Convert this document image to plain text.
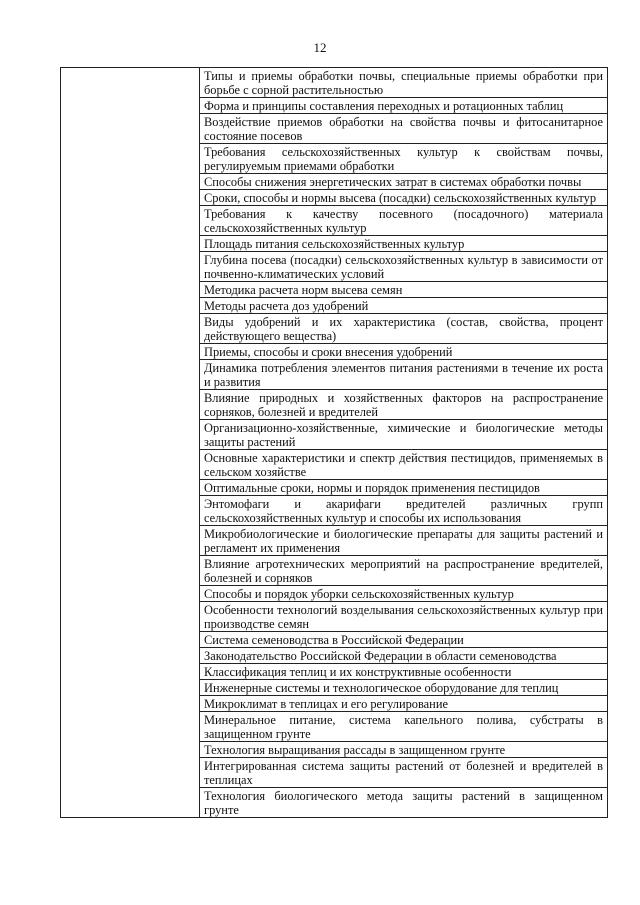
12

Типы и приемы обработки почвы, специальные приемы обработки при борьбе с сорной растительностью
Форма и принципы составления переходных и ротационных таблиц
Воздействие приемов обработки на свойства почвы и фитосанитарное состояние посевов
Требования сельскохозяйственных культур к свойствам почвы, регулируемым приемами обработки
Способы снижения энергетических затрат в системах обработки почвы
Сроки, способы и нормы высева (посадки) сельскохозяйственных культур
Требования к качеству посевного (посадочного) материала сельскохозяйственных культур
Площадь питания сельскохозяйственных культур
Глубина посева (посадки) сельскохозяйственных культур в зависимости от почвенно-климатических условий
Методика расчета норм высева семян
Методы расчета доз удобрений
Виды удобрений и их характеристика (состав, свойства, процент действующего вещества)
Приемы, способы и сроки внесения удобрений
Динамика потребления элементов питания растениями в течение их роста и развития
Влияние природных и хозяйственных факторов на распространение сорняков, болезней и вредителей
Организационно-хозяйственные, химические и биологические методы защиты растений
Основные характеристики и спектр действия пестицидов, применяемых в сельском хозяйстве
Оптимальные сроки, нормы и порядок применения пестицидов
Энтомофаги и акарифаги вредителей различных групп сельскохозяйственных культур и способы их использования
Микробиологические и биологические препараты для защиты растений и регламент их применения
Влияние агротехнических мероприятий на распространение вредителей, болезней и сорняков
Способы и порядок уборки сельскохозяйственных культур
Особенности технологий возделывания сельскохозяйственных культур при производстве семян
Система семеноводства в Российской Федерации
Законодательство Российской Федерации в области семеноводства
Классификация теплиц и их конструктивные особенности
Инженерные системы и технологическое оборудование для теплиц
Микроклимат в теплицах и его регулирование
Минеральное питание, система капельного полива, субстраты в защищенном грунте
Технология выращивания рассады в защищенном грунте
Интегрированная система защиты растений от болезней и вредителей в теплицах
Технология биологического метода защиты растений в защищенном грунте
